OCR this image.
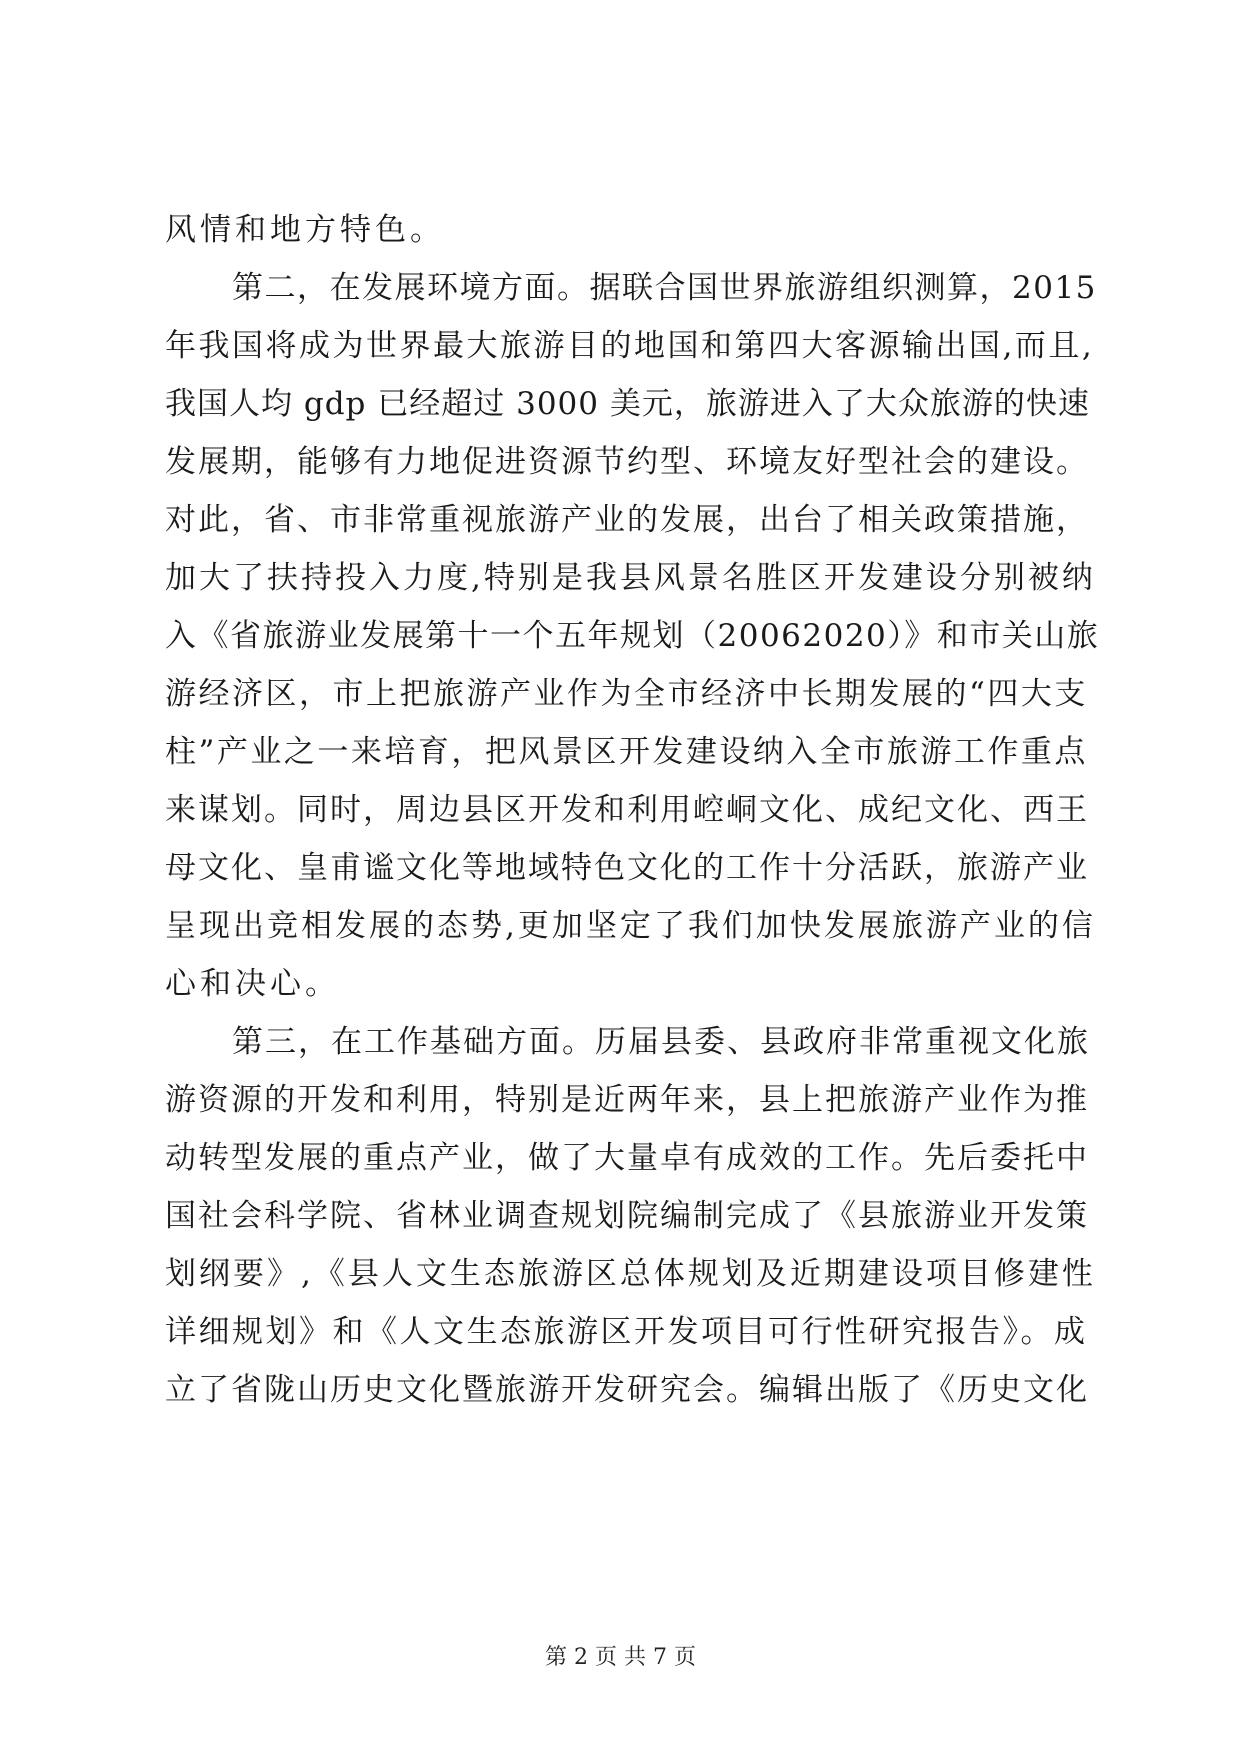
风情和地方特色。
第二，在发展环境方面。据联合国世界旅游组织测算，2015
年我国将成为世界最大旅游目的地国和第四大客源输出国,而且,
我国人均 gdp 已经超过 3000 美元，旅游进入了大众旅游的快速
发展期，能够有力地促进资源节约型、环境友好型社会的建设。
对此，省、市非常重视旅游产业的发展，出台了相关政策措施，
加大了扶持投入力度,特别是我县风景名胜区开发建设分别被纳
入《省旅游业发展第十一个五年规划（20062020）》和市关山旅
游经济区，市上把旅游产业作为全市经济中长期发展的“四大支
柱”产业之一来培育，把风景区开发建设纳入全市旅游工作重点
来谋划。同时，周边县区开发和利用崆峒文化、成纪文化、西王
母文化、皇甫谧文化等地域特色文化的工作十分活跃，旅游产业
呈现出竞相发展的态势,更加坚定了我们加快发展旅游产业的信
心和决心。
第三，在工作基础方面。历届县委、县政府非常重视文化旅
游资源的开发和利用，特别是近两年来，县上把旅游产业作为推
动转型发展的重点产业，做了大量卓有成效的工作。先后委托中
国社会科学院、省林业调查规划院编制完成了《县旅游业开发策
划纲要》,《县人文生态旅游区总体规划及近期建设项目修建性
详细规划》和《人文生态旅游区开发项目可行性研究报告》。成
立了省陇山历史文化暨旅游开发研究会。编辑出版了《历史文化
第 2 页 共 7 页
